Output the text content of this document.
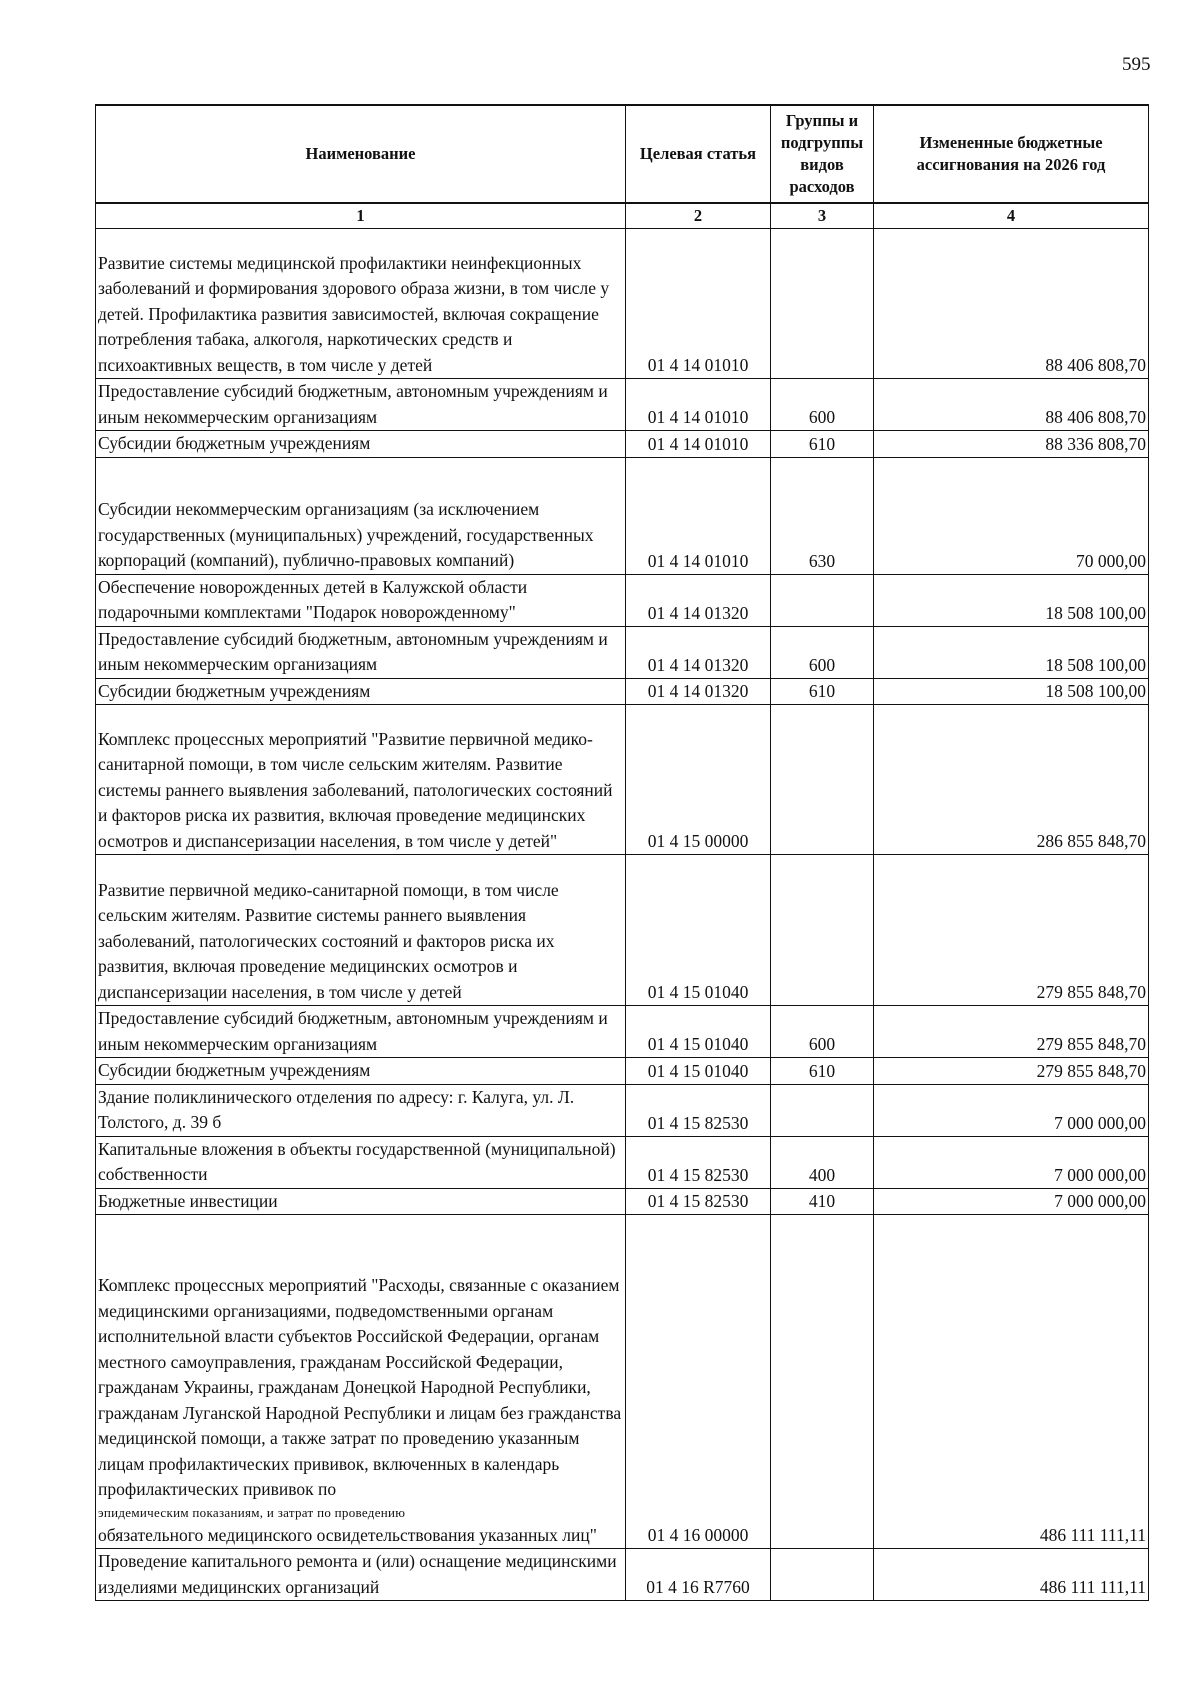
595
Наименование	Целевая статья	Группы и подгруппы видов расходов	Измененные бюджетные ассигнования на 2026 год
1	2	3	4
Развитие системы медицинской профилактики неинфекционных заболеваний и формирования здорового образа жизни, в том числе у детей. Профилактика развития зависимостей, включая сокращение потребления табака, алкоголя, наркотических средств и психоактивных веществ, в том числе у детей	01 4 14 01010		88 406 808,70
Предоставление субсидий бюджетным, автономным учреждениям и иным некоммерческим организациям	01 4 14 01010	600	88 406 808,70
Субсидии бюджетным учреждениям	01 4 14 01010	610	88 336 808,70
Субсидии некоммерческим организациям (за исключением государственных (муниципальных) учреждений, государственных корпораций (компаний), публично-правовых компаний)	01 4 14 01010	630	70 000,00
Обеспечение новорожденных детей в Калужской области подарочными комплектами "Подарок новорожденному"	01 4 14 01320		18 508 100,00
Предоставление субсидий бюджетным, автономным учреждениям и иным некоммерческим организациям	01 4 14 01320	600	18 508 100,00
Субсидии бюджетным учреждениям	01 4 14 01320	610	18 508 100,00
Комплекс процессных мероприятий "Развитие первичной медико-санитарной помощи, в том числе сельским жителям. Развитие системы раннего выявления заболеваний, патологических состояний и факторов риска их развития, включая проведение медицинских осмотров и диспансеризации населения, в том числе у детей"	01 4 15 00000		286 855 848,70
Развитие первичной медико-санитарной помощи, в том числе сельским жителям. Развитие системы раннего выявления заболеваний, патологических состояний и факторов риска их развития, включая проведение медицинских осмотров и диспансеризации населения, в том числе у детей	01 4 15 01040		279 855 848,70
Предоставление субсидий бюджетным, автономным учреждениям и иным некоммерческим организациям	01 4 15 01040	600	279 855 848,70
Субсидии бюджетным учреждениям	01 4 15 01040	610	279 855 848,70
Здание поликлинического отделения по адресу: г. Калуга, ул. Л. Толстого, д. 39 б	01 4 15 82530		7 000 000,00
Капитальные вложения в объекты государственной (муниципальной) собственности	01 4 15 82530	400	7 000 000,00
Бюджетные инвестиции	01 4 15 82530	410	7 000 000,00

Комплекс процессных мероприятий "Расходы, связанные с оказанием медицинскими организациями, подведомственными органам исполнительной власти субъектов Российской Федерации, органам местного самоуправления, гражданам Российской Федерации, гражданам Украины, гражданам Донецкой Народной Республики, гражданам Луганской Народной Республики и лицам без гражданства медицинской помощи, а также затрат по проведению указанным лицам профилактических прививок, включенных в календарь профилактических прививок по
эпидемическим показаниям, и затрат по проведению
обязательного медицинского освидетельствования указанных лиц"	01 4 16 00000		486 111 111,11
Проведение капитального ремонта и (или) оснащение медицинскими изделиями медицинских организаций	01 4 16 R7760		486 111 111,11
